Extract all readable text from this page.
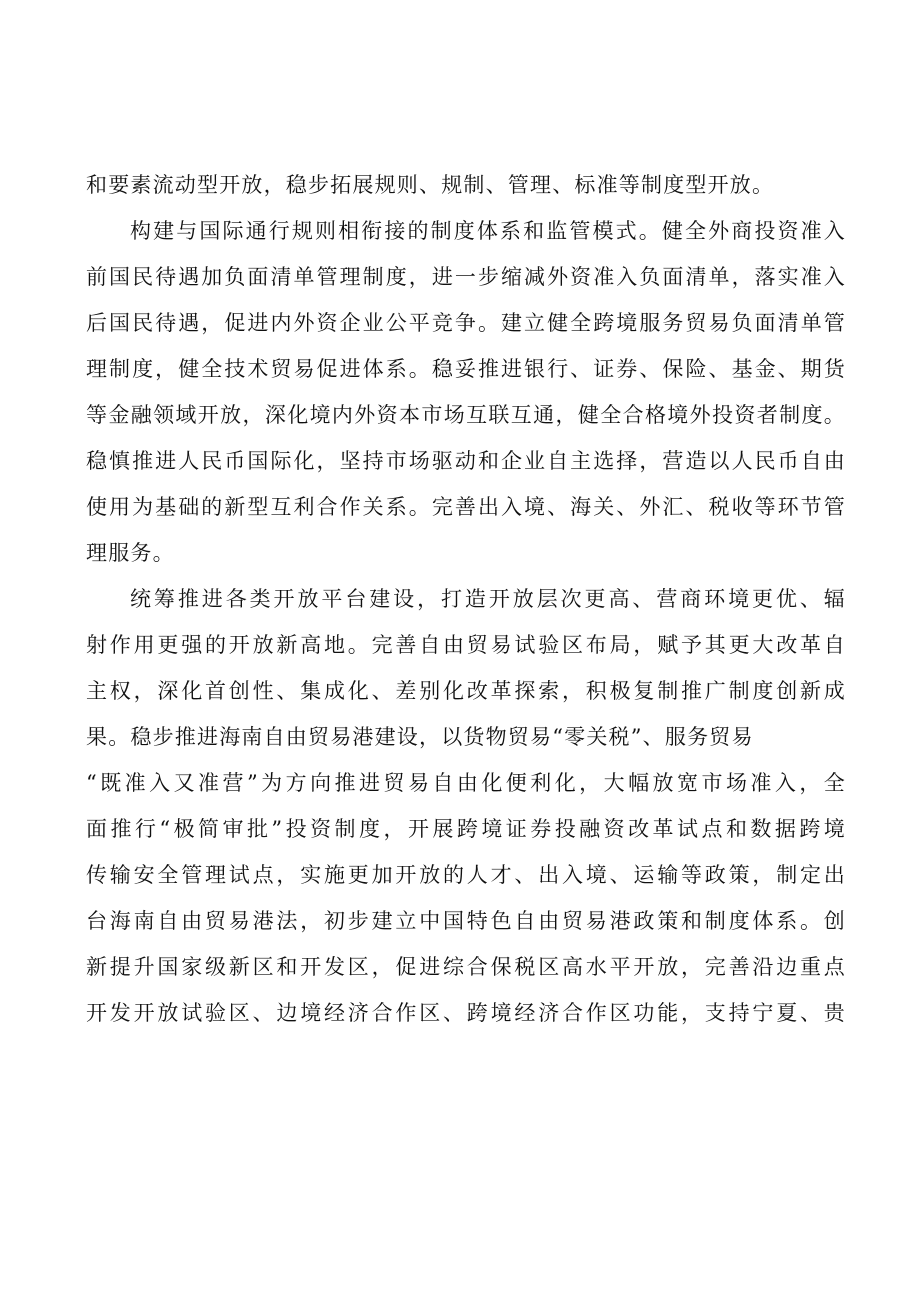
和要素流动型开放，稳步拓展规则、规制、管理、标准等制度型开放。
构建与国际通行规则相衔接的制度体系和监管模式。健全外商投资准入
前国民待遇加负面清单管理制度，进一步缩减外资准入负面清单，落实准入
后国民待遇，促进内外资企业公平竞争。建立健全跨境服务贸易负面清单管
理制度，健全技术贸易促进体系。稳妥推进银行、证券、保险、基金、期货
等金融领域开放，深化境内外资本市场互联互通，健全合格境外投资者制度。
稳慎推进人民币国际化，坚持市场驱动和企业自主选择，营造以人民币自由
使用为基础的新型互利合作关系。完善出入境、海关、外汇、税收等环节管
理服务。
统筹推进各类开放平台建设，打造开放层次更高、营商环境更优、辐
射作用更强的开放新高地。完善自由贸易试验区布局，赋予其更大改革自
主权，深化首创性、集成化、差别化改革探索，积极复制推广制度创新成
果。稳步推进海南自由贸易港建设，以货物贸易“零关税”、服务贸易
“既准入又准营”为方向推进贸易自由化便利化，大幅放宽市场准入，全
面推行“极简审批”投资制度，开展跨境证券投融资改革试点和数据跨境
传输安全管理试点，实施更加开放的人才、出入境、运输等政策，制定出
台海南自由贸易港法，初步建立中国特色自由贸易港政策和制度体系。创
新提升国家级新区和开发区，促进综合保税区高水平开放，完善沿边重点
开发开放试验区、边境经济合作区、跨境经济合作区功能，支持宁夏、贵
